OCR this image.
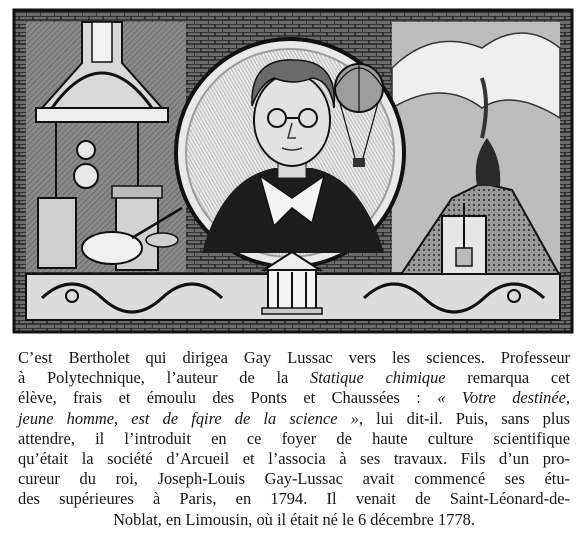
C’est Bertholet qui dirigea Gay Lussac vers les sciences. Professeur
à Polytechnique, l’auteur de la Statique chimique remarqua cet
élève, frais et émoulu des Ponts et Chaussées : « Votre destinée,
jeune homme, est de fqire de la science », lui dit-il. Puis, sans plus
attendre, il l’introduit en ce foyer de haute culture scientifique
qu’était la société d’Arcueil et l’associa à ses travaux. Fils d’un pro-
cureur du roi, Joseph-Louis Gay-Lussac avait commencé ses étu-
des supérieures à Paris, en 1794. Il venait de Saint-Léonard-de-
Noblat, en Limousin, où il était né le 6 décembre 1778.
